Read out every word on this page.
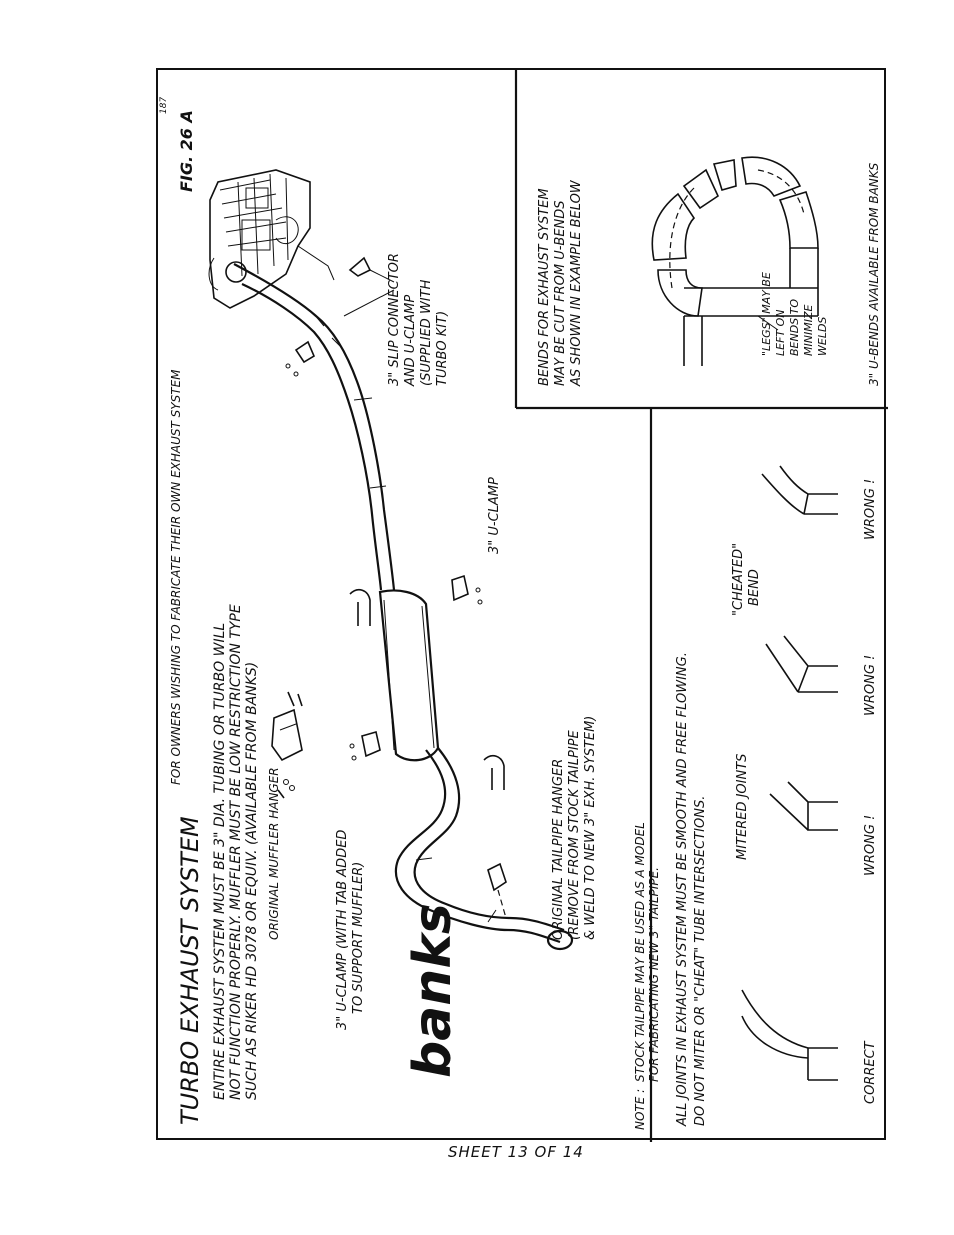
TURBO EXHAUST SYSTEM
FOR OWNERS WISHING TO FABRICATE THEIR OWN EXHAUST SYSTEM
ENTIRE EXHAUST SYSTEM MUST BE 3" DIA. TUBING OR TURBO WILL NOT FUNCTION PROPERLY. MUFFLER MUST BE LOW RESTRICTION TYPE SUCH AS RIKER HD 3078 OR EQUIV. (AVAILABLE FROM BANKS)
FIG. 26 A
187
banks
3" SLIP CONNECTOR AND U-CLAMP (SUPPLIED WITH TURBO KIT)
3" U-CLAMP
ORIGINAL MUFFLER HANGER	3" U-CLAMP (WITH TAB ADDED TO SUPPORT MUFFLER)	ORIGINAL TAILPIPE HANGER (REMOVE FROM STOCK TAILPIPE & WELD TO NEW 3" EXH. SYSTEM)
NOTE :
STOCK TAILPIPE MAY BE USED AS A MODEL FOR FABRICATING NEW 3" TAILPIPE.
BENDS FOR EXHAUST SYSTEM MAY BE CUT FROM U-BENDS AS SHOWN IN EXAMPLE BELOW	"LEGS" MAY BE LEFT ON BENDS TO MINIMIZE WELDS	3" U-BENDS AVAILABLE FROM BANKS
ALL JOINTS IN EXHAUST SYSTEM MUST BE SMOOTH AND FREE FLOWING. DO NOT MITER OR "CHEAT" TUBE INTERSECTIONS. MITERED JOINTS
"CHEATED" BEND
CORRECT
WRONG !
WRONG !
WRONG !
SHEET 13 OF 14
